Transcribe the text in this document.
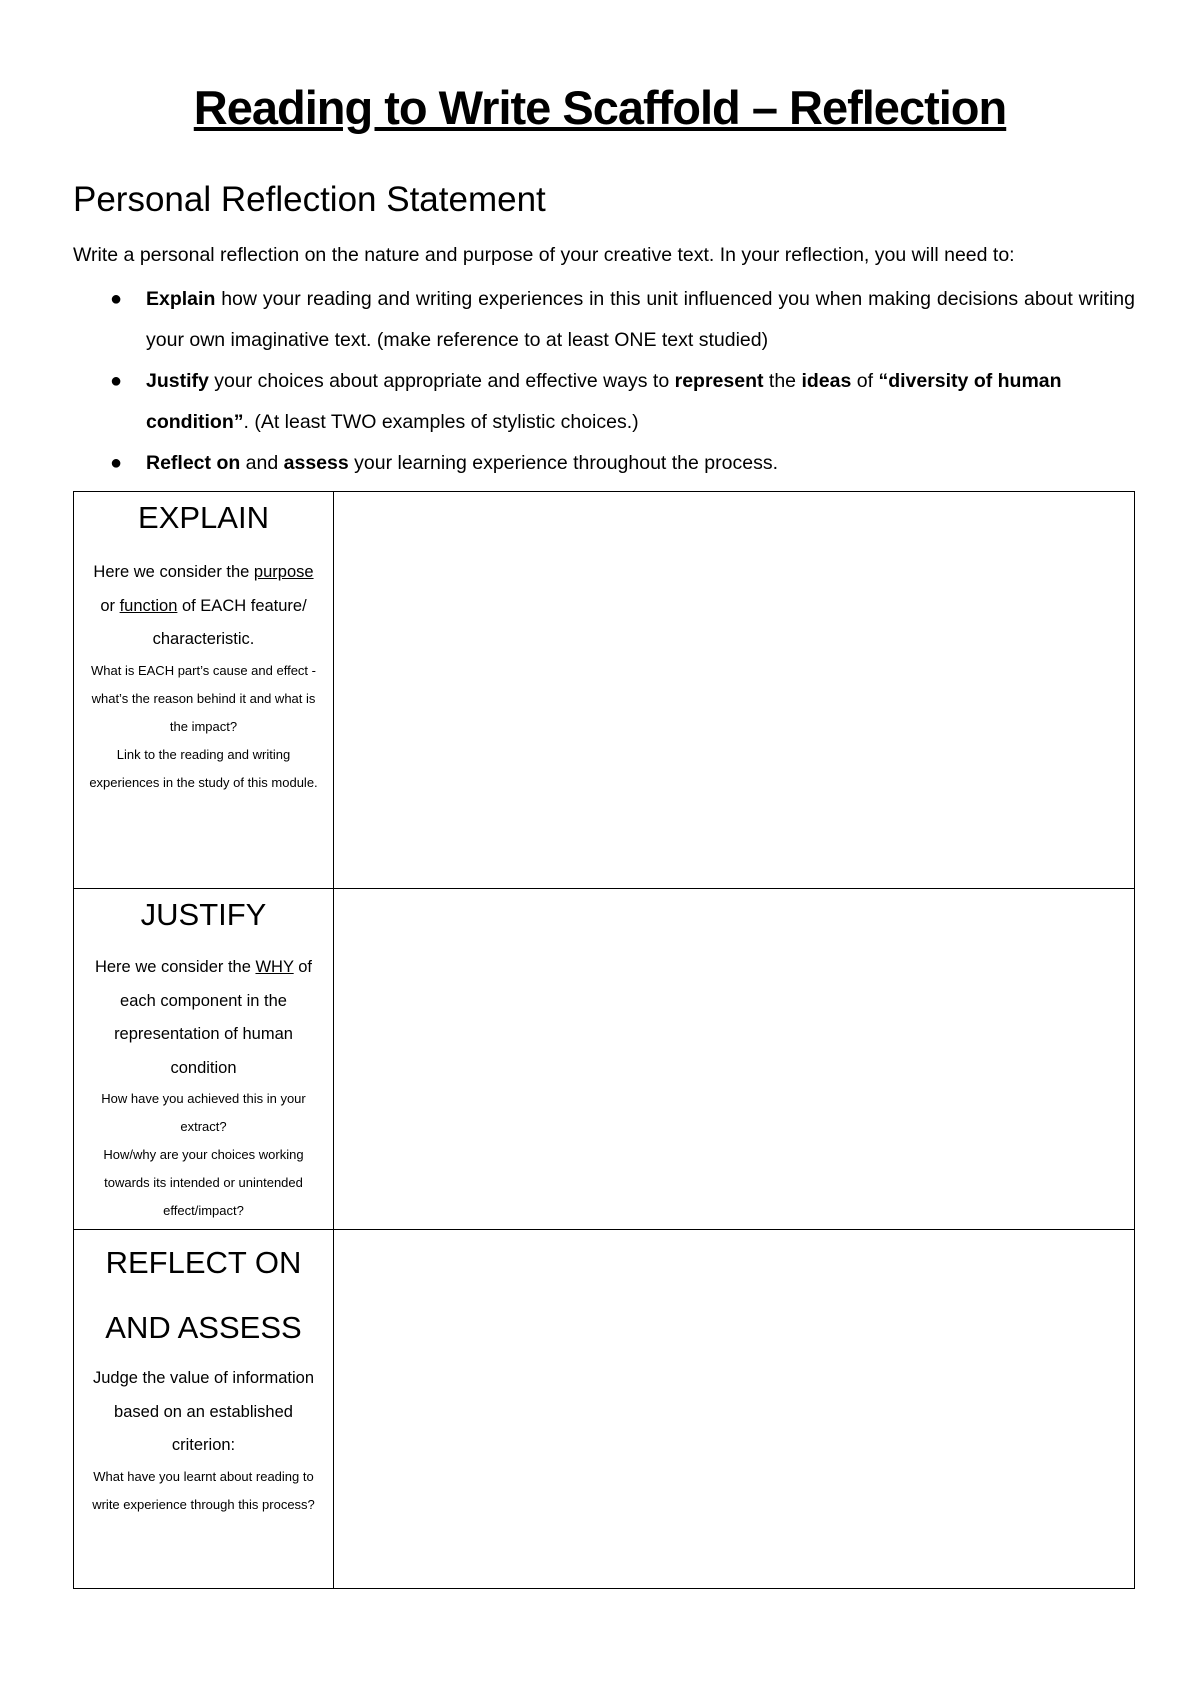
Reading to Write Scaffold – Reflection
Personal Reflection Statement

Write a personal reflection on the nature and purpose of your creative text. In your reflection, you will need to:

● Explain how your reading and writing experiences in this unit influenced you when making decisions about writing your own imaginative text. (make reference to at least ONE text studied)
● Justify your choices about appropriate and effective ways to represent the ideas of “diversity of human condition”. (At least TWO examples of stylistic choices.)
● Reflect on and assess your learning experience throughout the process.

EXPLAIN

Here we consider the purpose or function of EACH feature/ characteristic.

What is EACH part’s cause and effect - what’s the reason behind it and what is the impact?

Link to the reading and writing experiences in the study of this module.	

JUSTIFY

Here we consider the WHY of each component in the representation of human condition

How have you achieved this in your extract?

How/why are your choices working towards its intended or unintended effect/impact?	

REFLECT ON

AND ASSESS

Judge the value of information based on an established criterion:

What have you learnt about reading to write experience through this process?	
